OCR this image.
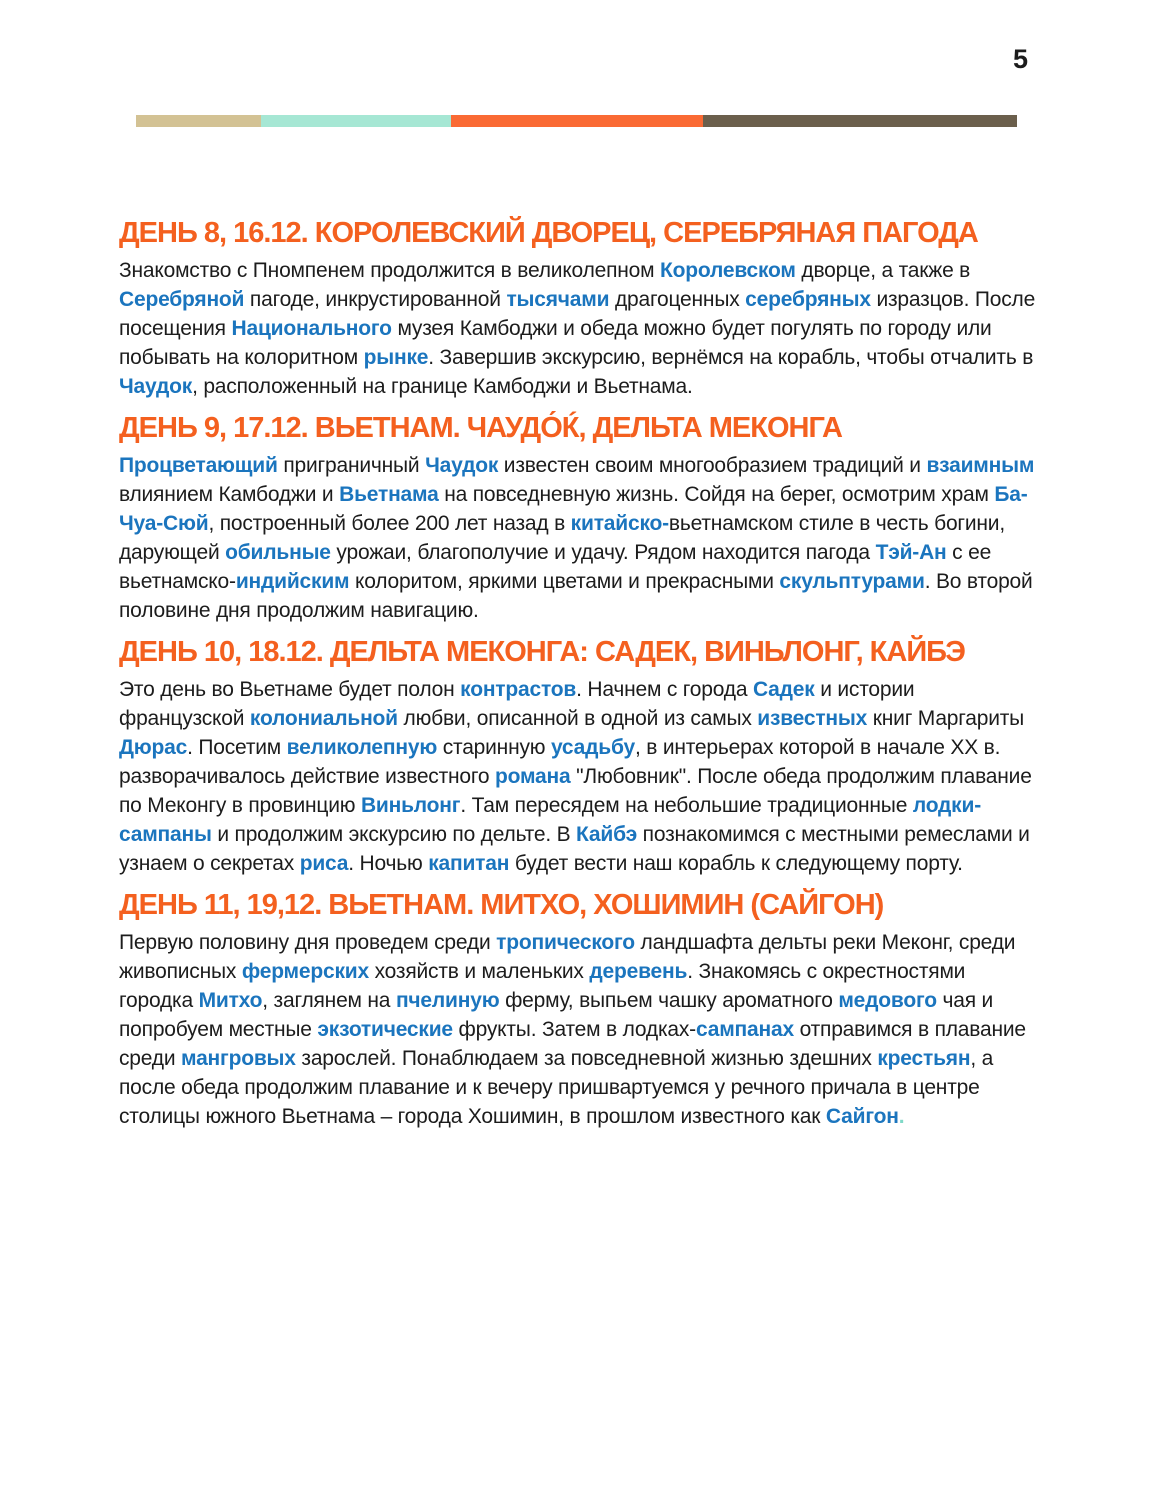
5
ДЕНЬ 8, 16.12. КОРОЛЕВСКИЙ ДВОРЕЦ, СЕРЕБРЯНАЯ ПАГОДА

Знакомство с Пномпенем продолжится в великолепном Королевском дворце, а также в Серебряной пагоде, инкрустированной тысячами драгоценных серебряных изразцов. После посещения Национального музея Камбоджи и обеда можно будет погулять по городу или побывать на колоритном рынке. Завершив экскурсию, вернёмся на корабль, чтобы отчалить в Чаудок, расположенный на границе Камбоджи и Вьетнама.

ДЕНЬ 9, 17.12. ВЬЕТНАМ. ЧАУДО́Ќ, ДЕЛЬТА МЕКОНГА

Процветающий приграничный Чаудок известен своим многообразием традиций и взаимным влиянием Камбоджи и Вьетнама на повседневную жизнь. Сойдя на берег, осмотрим храм Ба-Чуа-Сюй, построенный более 200 лет назад в китайско-вьетнамском стиле в честь богини, дарующей обильные урожаи, благополучие и удачу. Рядом находится пагода Тэй-Ан с ее вьетнамско-индийским колоритом, яркими цветами и прекрасными скульптурами. Во второй половине дня продолжим навигацию.

ДЕНЬ 10, 18.12. ДЕЛЬТА МЕКОНГА: САДЕК, ВИНЬЛОНГ, КАЙБЭ

Это день во Вьетнаме будет полон контрастов. Начнем с города Садек и истории французской колониальной любви, описанной в одной из самых известных книг Маргариты Дюрас. Посетим великолепную старинную усадьбу, в интерьерах которой в начале XX в. разворачивалось действие известного романа "Любовник". После обеда продолжим плавание по Меконгу в провинцию Виньлонг. Там пересядем на небольшие традиционные лодки-сампаны и продолжим экскурсию по дельте. В Кайбэ познакомимся с местными ремеслами и узнаем о секретах риса. Ночью капитан будет вести наш корабль к следующему порту.

ДЕНЬ 11, 19,12. ВЬЕТНАМ. МИТХО, ХОШИМИН (САЙГОН)

Первую половину дня проведем среди тропического ландшафта дельты реки Меконг, среди живописных фермерских хозяйств и маленьких деревень. Знакомясь с окрестностями городка Митхо, заглянем на пчелиную ферму, выпьем чашку ароматного медового чая и попробуем местные экзотические фрукты. Затем в лодках-сампанах отправимся в плавание среди мангровых зарослей. Понаблюдаем за повседневной жизнью здешних крестьян, а после обеда продолжим плавание и к вечеру пришвартуемся у речного причала в центре столицы южного Вьетнама – города Хошимин, в прошлом известного как Сайгон.
